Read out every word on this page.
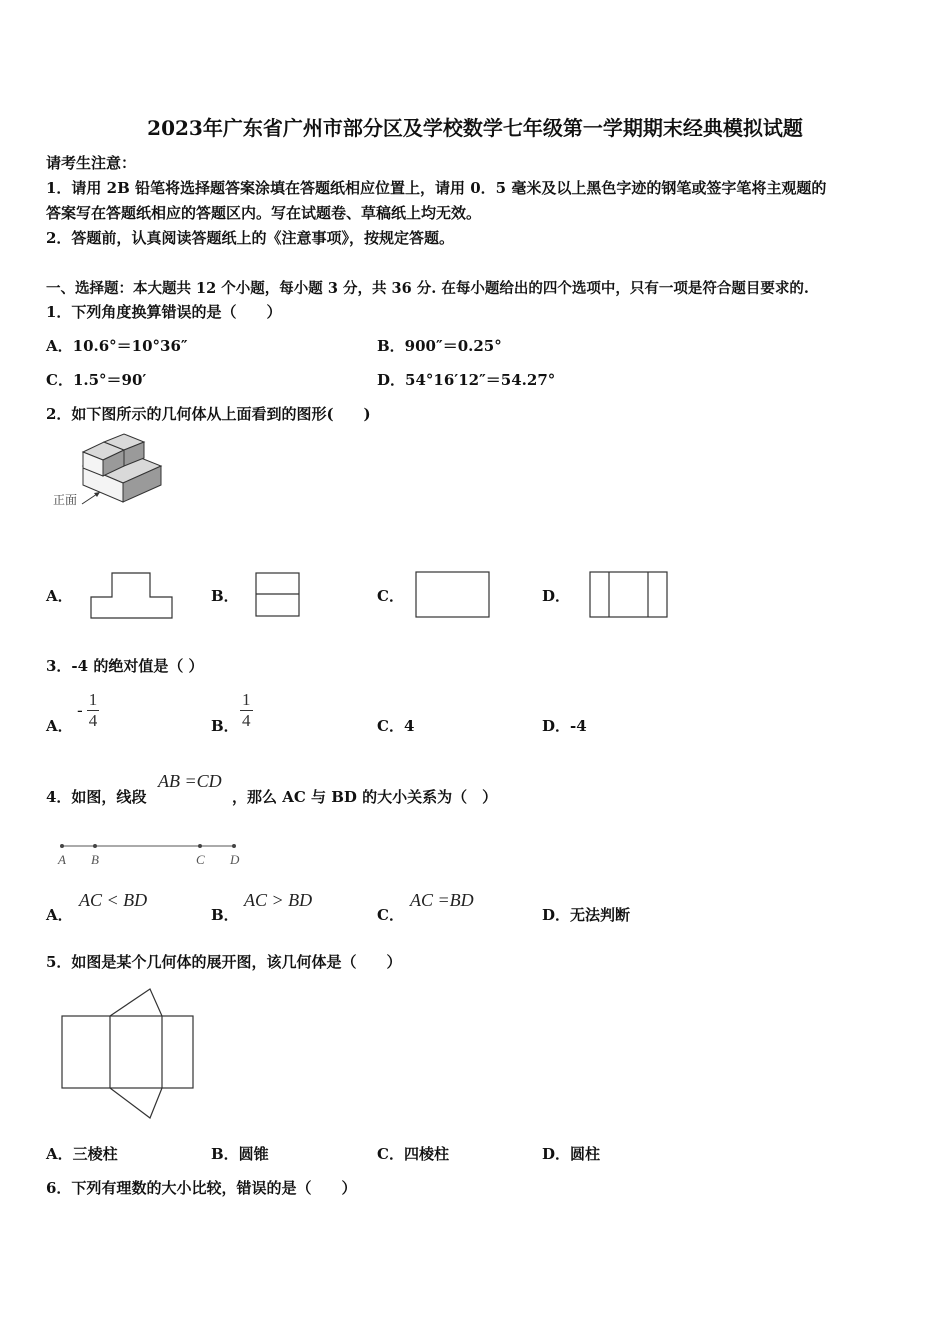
2023年广东省广州市部分区及学校数学七年级第一学期期末经典模拟试题
请考生注意：
1．请用 2B 铅笔将选择题答案涂填在答题纸相应位置上，请用 0．5 毫米及以上黑色字迹的钢笔或签字笔将主观题的
答案写在答题纸相应的答题区内。写在试题卷、草稿纸上均无效。
2．答题前，认真阅读答题纸上的《注意事项》，按规定答题。
一、选择题：本大题共 12 个小题，每小题 3 分，共 36 分. 在每小题给出的四个选项中，只有一项是符合题目要求的.
1．下列角度换算错误的是（　　）
A．10.6°＝10°36″	B．900″＝0.25°
C．1.5°＝90′	D．54°16′12″＝54.27°
2．如下图所示的几何体从上面看到的图形(　　)
正面
A．	B．	C．	D．
3．-4 的绝对值是（ ）
A．
- $\frac{1}{4}$	B． $\frac{1}{4}$	C．4	D．-4
4．如图，线段
AB =CD
，那么 AC 与 BD 的大小关系为（　）
A B	C D
A．
AC < BD
B．
AC > BD
C．
AC =BD
D．无法判断
5．如图是某个几何体的展开图，该几何体是（　　）
A．三棱柱	B．圆锥	C．四棱柱	D．圆柱
6．下列有理数的大小比较，错误的是（　　）
